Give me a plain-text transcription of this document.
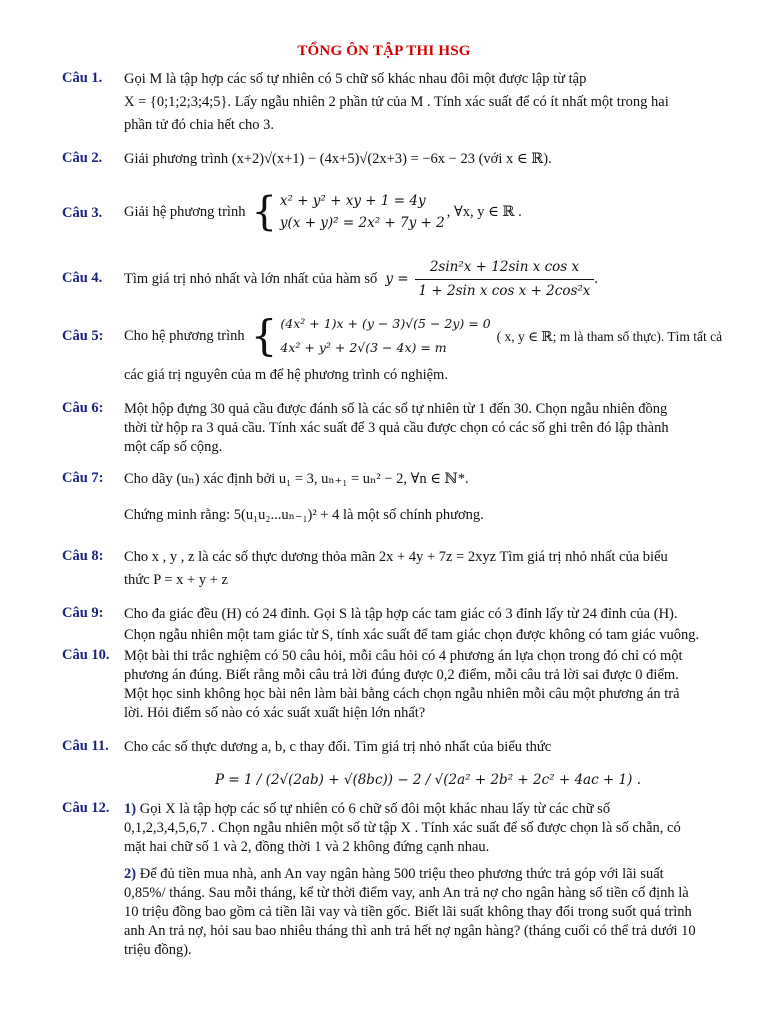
TỔNG ÔN TẬP THI HSG
Câu 1. Gọi M là tập hợp các số tự nhiên có 5 chữ số khác nhau đôi một được lập từ tập

X = {0;1;2;3;4;5}. Lấy ngẫu nhiên 2 phần tử của M . Tính xác suất để có ít nhất một trong hai

phần tử đó chia hết cho 3.

Câu 2. Giải phương trình (x+2)√(x+1) − (4x+5)√(2x+3) = −6x − 23 (với x ∈ ℝ).

Câu 3. Giải hệ phương trình { x² + y² + xy + 1 = 4y
y(x + y)² = 2x² + 7y + 2
, ∀x, y ∈ ℝ .
Câu 4. Tìm giá trị nhỏ nhất và lớn nhất của hàm số y =
2sin²x + 12sin x cos x
1 + 2sin x cos x + 2cos²x
.
Câu 5: Cho hệ phương trình { (4x² + 1)x + (y − 3)√(5 − 2y) = 0
4x² + y² + 2√(3 − 4x) = m
( x, y ∈ ℝ; m là tham số thực). Tìm tất cả

các giá trị nguyên của m để hệ phương trình có nghiệm.

Câu 6: Một hộp đựng 30 quả cầu được đánh số là các số tự nhiên từ 1 đến 30. Chọn ngẫu nhiên đồng

thời từ hộp ra 3 quả cầu. Tính xác suất để 3 quả cầu được chọn có các số ghi trên đó lập thành

một cấp số cộng.

Câu 7: Cho dãy (uₙ) xác định bởi u₁ = 3, uₙ₊₁ = uₙ² − 2, ∀n ∈ ℕ*.

Chứng minh rằng: 5(u₁u₂...uₙ₋₁)² + 4 là một số chính phương.

Câu 8: Cho x , y , z là các số thực dương thỏa mãn 2x + 4y + 7z = 2xyz Tìm giá trị nhỏ nhất của biểu

thức P = x + y + z

Câu 9: Cho đa giác đều (H) có 24 đỉnh. Gọi S là tập hợp các tam giác có 3 đỉnh lấy từ 24 đỉnh của (H).

Chọn ngẫu nhiên một tam giác từ S, tính xác suất để tam giác chọn được không có tam giác vuông.

Câu 10. Một bài thi trắc nghiệm có 50 câu hỏi, mỗi câu hỏi có 4 phương án lựa chọn trong đó chỉ có một

phương án đúng. Biết rằng mỗi câu trả lời đúng được 0,2 điểm, mỗi câu trả lời sai được 0 điểm.

Một học sinh không học bài nên làm bài bằng cách chọn ngẫu nhiên mỗi câu một phương án trả

lời. Hỏi điểm số nào có xác suất xuất hiện lớn nhất?

Câu 11. Cho các số thực dương a, b, c thay đổi. Tìm giá trị nhỏ nhất của biểu thức

P = 1 / (2√(2ab) + √(8bc)) − 2 / √(2a² + 2b² + 2c² + 4ac + 1) .

Câu 12. 1) Gọi X là tập hợp các số tự nhiên có 6 chữ số đôi một khác nhau lấy từ các chữ số

0,1,2,3,4,5,6,7 . Chọn ngẫu nhiên một số từ tập X . Tính xác suất để số được chọn là số chẵn, có

mặt hai chữ số 1 và 2, đồng thời 1 và 2 không đứng cạnh nhau.

2) Để đủ tiền mua nhà, anh An vay ngân hàng 500 triệu theo phương thức trả góp với lãi suất

0,85%/ tháng. Sau mỗi tháng, kể từ thời điểm vay, anh An trả nợ cho ngân hàng số tiền cố định là

10 triệu đồng bao gồm cả tiền lãi vay và tiền gốc. Biết lãi suất không thay đổi trong suốt quá trình

anh An trả nợ, hỏi sau bao nhiêu tháng thì anh trả hết nợ ngân hàng? (tháng cuối có thể trả dưới 10

triệu đồng).
